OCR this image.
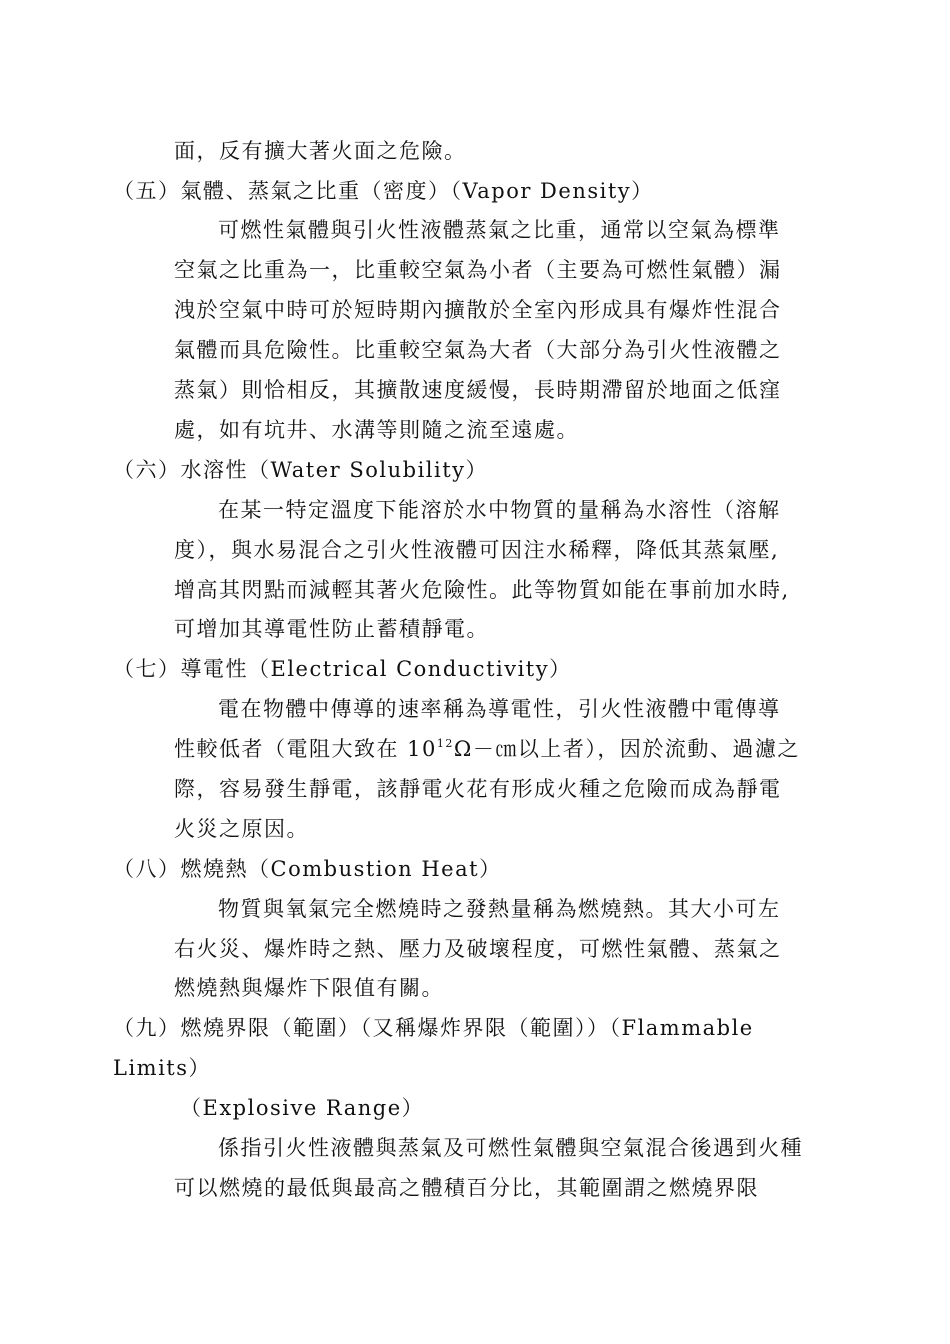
面，反有擴大著火面之危險。
（五）氣體、蒸氣之比重（密度）（Vapor Density）
可燃性氣體與引火性液體蒸氣之比重，通常以空氣為標準
空氣之比重為一，比重較空氣為小者（主要為可燃性氣體）漏
洩於空氣中時可於短時期內擴散於全室內形成具有爆炸性混合
氣體而具危險性。比重較空氣為大者（大部分為引火性液體之
蒸氣）則恰相反，其擴散速度緩慢，長時期滯留於地面之低窪
處，如有坑井、水溝等則隨之流至遠處。
（六）水溶性（Water Solubility）
在某一特定溫度下能溶於水中物質的量稱為水溶性（溶解
度），與水易混合之引火性液體可因注水稀釋，降低其蒸氣壓,
增高其閃點而減輕其著火危險性。此等物質如能在事前加水時,
可增加其導電性防止蓄積靜電。
（七）導電性（Electrical Conductivity）
電在物體中傳導的速率稱為導電性，引火性液體中電傳導
性較低者（電阻大致在 $10^{12}\Omega-㎝$以上者），因於流動、過濾之
際，容易發生靜電，該靜電火花有形成火種之危險而成為靜電
火災之原因。
（八）燃燒熱（Combustion Heat）
物質與氧氣完全燃燒時之發熱量稱為燃燒熱。其大小可左
右火災、爆炸時之熱、壓力及破壞程度，可燃性氣體、蒸氣之
燃燒熱與爆炸下限值有關。
（九）燃燒界限（範圍）（又稱爆炸界限（範圍））（Flammable
Limits）
（Explosive Range）
係指引火性液體與蒸氣及可燃性氣體與空氣混合後遇到火種
可以燃燒的最低與最高之體積百分比，其範圍謂之燃燒界限
